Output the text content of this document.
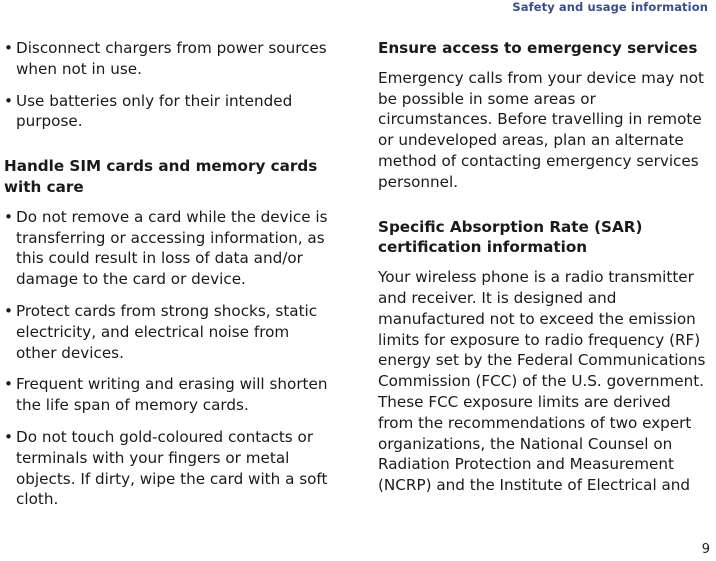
Safety and usage information
• Disconnect chargers from power sources when not in use.
• Use batteries only for their intended purpose.
Handle SIM cards and memory cards with care
• Do not remove a card while the device is transferring or accessing information, as this could result in loss of data and/or damage to the card or device.
• Protect cards from strong shocks, static electricity, and electrical noise from other devices.
• Frequent writing and erasing will shorten the life span of memory cards.
• Do not touch gold-coloured contacts or terminals with your fingers or metal objects. If dirty, wipe the card with a soft cloth.
Ensure access to emergency services

Emergency calls from your device may not be possible in some areas or circumstances. Before travelling in remote or undeveloped areas, plan an alternate method of contacting emergency services personnel.

Specific Absorption Rate (SAR) certification information

Your wireless phone is a radio transmitter and receiver. It is designed and manufactured not to exceed the emission limits for exposure to radio frequency (RF) energy set by the Federal Communications Commission (FCC) of the U.S. government. These FCC exposure limits are derived from the recommendations of two expert organizations, the National Counsel on Radiation Protection and Measurement (NCRP) and the Institute of Electrical and

9
